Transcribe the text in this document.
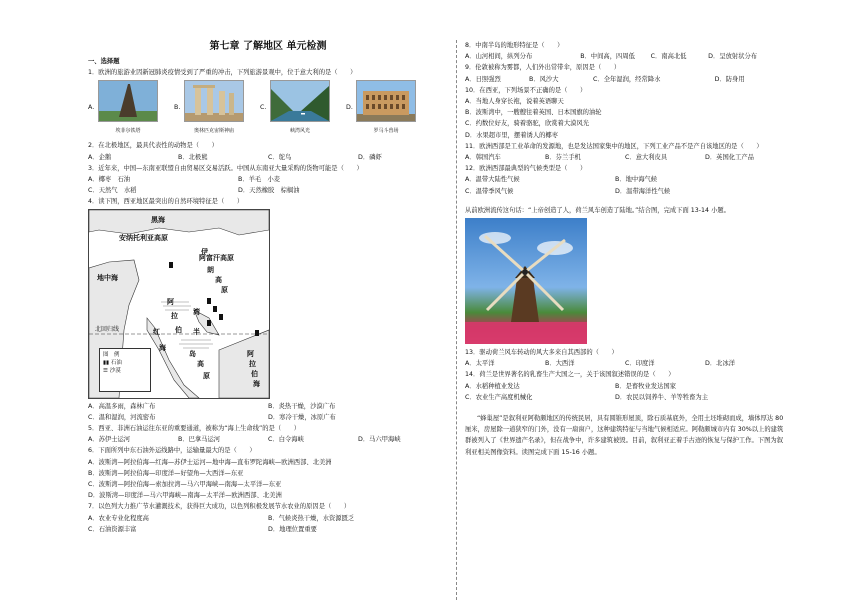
第七章 了解地区 单元检测
一、选择题
1．欧洲的旅游业因新冠肺炎疫情受到了严重的冲击，下列旅游景观中，位于意大利的是（　　）
A.
埃菲尔铁塔
B.
奥林匹克宙斯神庙
C.
峡湾风光
D.
罗马斗兽场
2．在北极地区，最具代表性的动物是（　　）
A．企鹅	B．北极熊	C．鸵鸟	D．磷虾
3．近年来，中国—东南亚联盟自由贸易区交易活跃。中国从东南亚大量采购的货物可能是（　　）
A．椰枣　石油	B．羊毛　小麦
C．天然气　水稻	D．天然橡胶　棕榈油
4．读下图，西亚地区最突出的自然环境特征是（　　）
黑海
安纳托利亚高原
阿富汗高原
伊
朗
高
原
地中海
湾
阿
拉
伯
红
海
半
岛
高
原
阿
拉
伯
海
北回归线
图　例
▮▮ 石油
☰ 沙漠
A．高温多雨，森林广布	B．炎热干燥，沙漠广布
C．温和湿润，河流密布	D．寒冷干燥，冰原广布
5．西亚、非洲石油运往东亚的重要通道，被称为“海上生命线”的是（　　）
A．苏伊士运河	B．巴拿马运河	C．白令海峡	D．马六甲海峡
6．下面所列中东石油外运线路中，运输量最大的是（　　）
A．波斯湾—阿拉伯海—红海—苏伊士运河—地中海—直布罗陀海峡—欧洲西部、北美洲
B．波斯湾—阿拉伯海—印度洋—好望角—大西洋—东亚
C．波斯湾—阿拉伯海—索加拉湾—马六甲海峡—南海—太平洋—东亚
D．波斯湾—印度洋—马六甲海峡—南海—太平洋—欧洲西部、北美洲
7．以色列大力推广节水灌溉技术，获得巨大成功，以色列积极发展节水农业的原因是（　　）
A．农业专业化程度高	B．气候炎热干燥，水资源匮乏
C．石油资源丰富	D．地理位置重要
8．中南半岛的地形特征是（　　）
A．山河相间，纵列分布	B．中间高，四周低	C．南高北低	D．呈放射状分布
9．伦敦被称为雾都，人们外出常带伞，原因是（　　）
A．日照强烈	B．风沙大	C．全年湿润，经常降水	D．防身用
10．在西亚，下列场景不正确的是（　　）
A．当地人身穿长袍，说着英语聊天
B．波斯湾中，一艘艘往着英国、日本国旗的油轮
C．约数位好友，骑着骆驼，欣赏着大漠风光
D．水果超市里，摆着诱人的椰枣
11．欧洲西部是工业革命的发源地，也是发达国家集中的地区，下列工业产品不是产自该地区的是（　　）
A．韩国汽车	B．芬兰手机	C．意大利皮具	D．英国化工产品
12．欧洲西部最典型的气候类型是（　　）
A．温带大陆性气候	B．地中海气候
C．温带季风气候	D．温带海洋性气候
从前欧洲流传这句话：“上帝创造了人，荷兰风车创造了陆地。”结合图，完成下面 13-14 小题。
13．驱动荷兰风车转动的风大多来自其西部的（　　）
A．太平洋	B．大西洋	C．印度洋	D．北冰洋
14．荷兰是世界著名的乳畜生产大国之一，关于该国叙述错误的是（　　）
A．水稻种植业发达	B．是畜牧业发达国家
C．农业生产高度机械化	D．农民以饲养牛、羊等牲畜为主
“蜂巢屋”是叙利亚阿勒颇地区的传统民居，具有圆锥形屋顶，除石质基底外，全用土坯堆砌而成，墙体厚达 80 厘米，房屋除一道狭窄的门外，没有一扇窗户，这种建筑特征与当地气候相适应。阿勒颇城市内有 30%以上的建筑群被列入了《世界遗产名录》，但在战争中，许多建筑被毁。目前，叙利亚正着手古迹的恢复与保护工作。下图为叙利亚相关图像资料。读图完成下面 15-16 小题。
